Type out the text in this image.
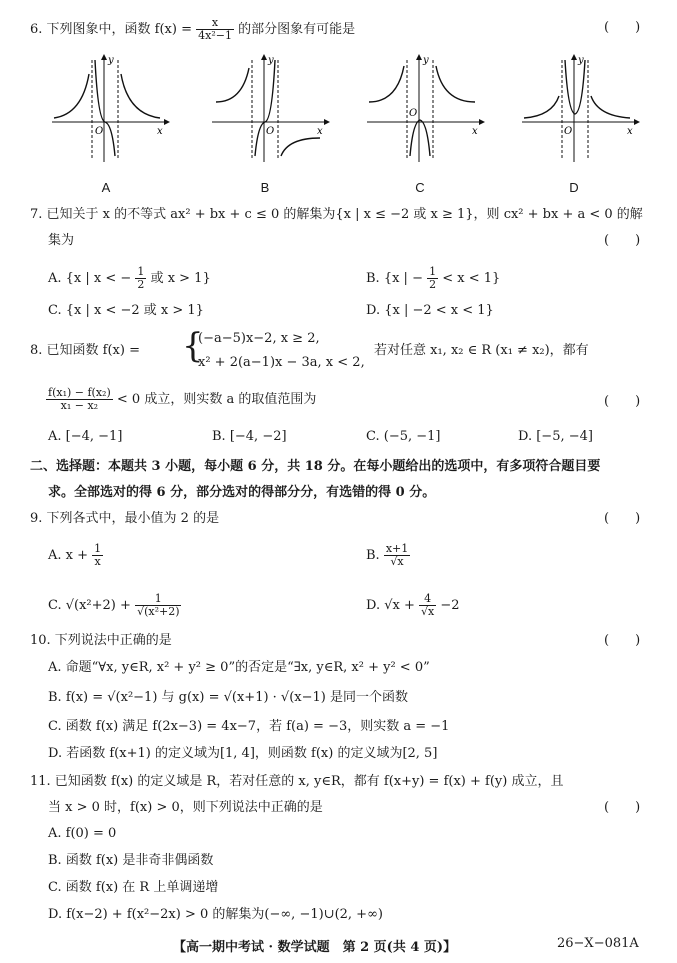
6. 下列图象中，函数 $f(x) = \frac{x}{\text{4x²−1}}$ 的部分图象有可能是	(　　)
y
x
O
A
y
x
O
B
y
x
O
C
y
x
O
D
7. 已知关于 x 的不等式 ax² + bx + c ≤ 0 的解集为{x | x ≤ −2 或 x ≥ 1}，则 cx² + bx + a < 0 的解
集为	(　　)
A. {x | x < − $\frac{1}{2}$ 或 x > 1}	B. {x | − $\frac{1}{2} < x < 1$}
C. {x | x < −2 或 x > 1}	D. {x | −2 < x < 1}
8. 已知函数 f(x) = {
(−a−5)x−2, x ≥ 2,
x² + 2(a−1)x − 3a, x < 2,
若对任意 x₁, x₂ ∈ R (x₁ ≠ x₂)，都有
$\frac{\text{f(x₁) − f(x₂)}}{\text{x₁ − x₂}} < 0$ 成立，则实数 a 的取值范围为	(　　)
A. [−4, −1]	B. [−4, −2]	C. (−5, −1]	D. [−5, −4]
二、选择题：本题共 3 小题，每小题 6 分，共 18 分。在每小题给出的选项中，有多项符合题目要
求。全部选对的得 6 分，部分选对的得部分分，有选错的得 0 分。
9. 下列各式中，最小值为 2 的是	(　　)
A. $x + \frac{1}{x}$	B. $\frac{x+1}{√x}$
C. $√(x^2+2) + \frac{1}{\text{√(x²+2)}}$	D. $√x + \frac{4}{√x} -2$
10. 下列说法中正确的是	(　　)
A. 命题“∀x, y∈R, x² + y² ≥ 0”的否定是“∃x, y∈R, x² + y² < 0”
B. f(x) = √(x²−1) 与 g(x) = √(x+1) · √(x−1) 是同一个函数
C. 函数 f(x) 满足 f(2x−3) = 4x−7，若 f(a) = −3，则实数 a = −1
D. 若函数 f(x+1) 的定义域为[1, 4]，则函数 f(x) 的定义域为[2, 5]
11. 已知函数 f(x) 的定义域是 R，若对任意的 x, y∈R，都有 f(x+y) = f(x) + f(y) 成立，且
当 x > 0 时，f(x) > 0，则下列说法中正确的是	(　　)
A. f(0) = 0
B. 函数 f(x) 是非奇非偶函数
C. 函数 f(x) 在 R 上单调递增
D. f(x−2) + f(x²−2x) > 0 的解集为(−∞, −1)∪(2, +∞)
【高一期中考试 · 数学试题　第 2 页(共 4 页)】	26−X−081A
